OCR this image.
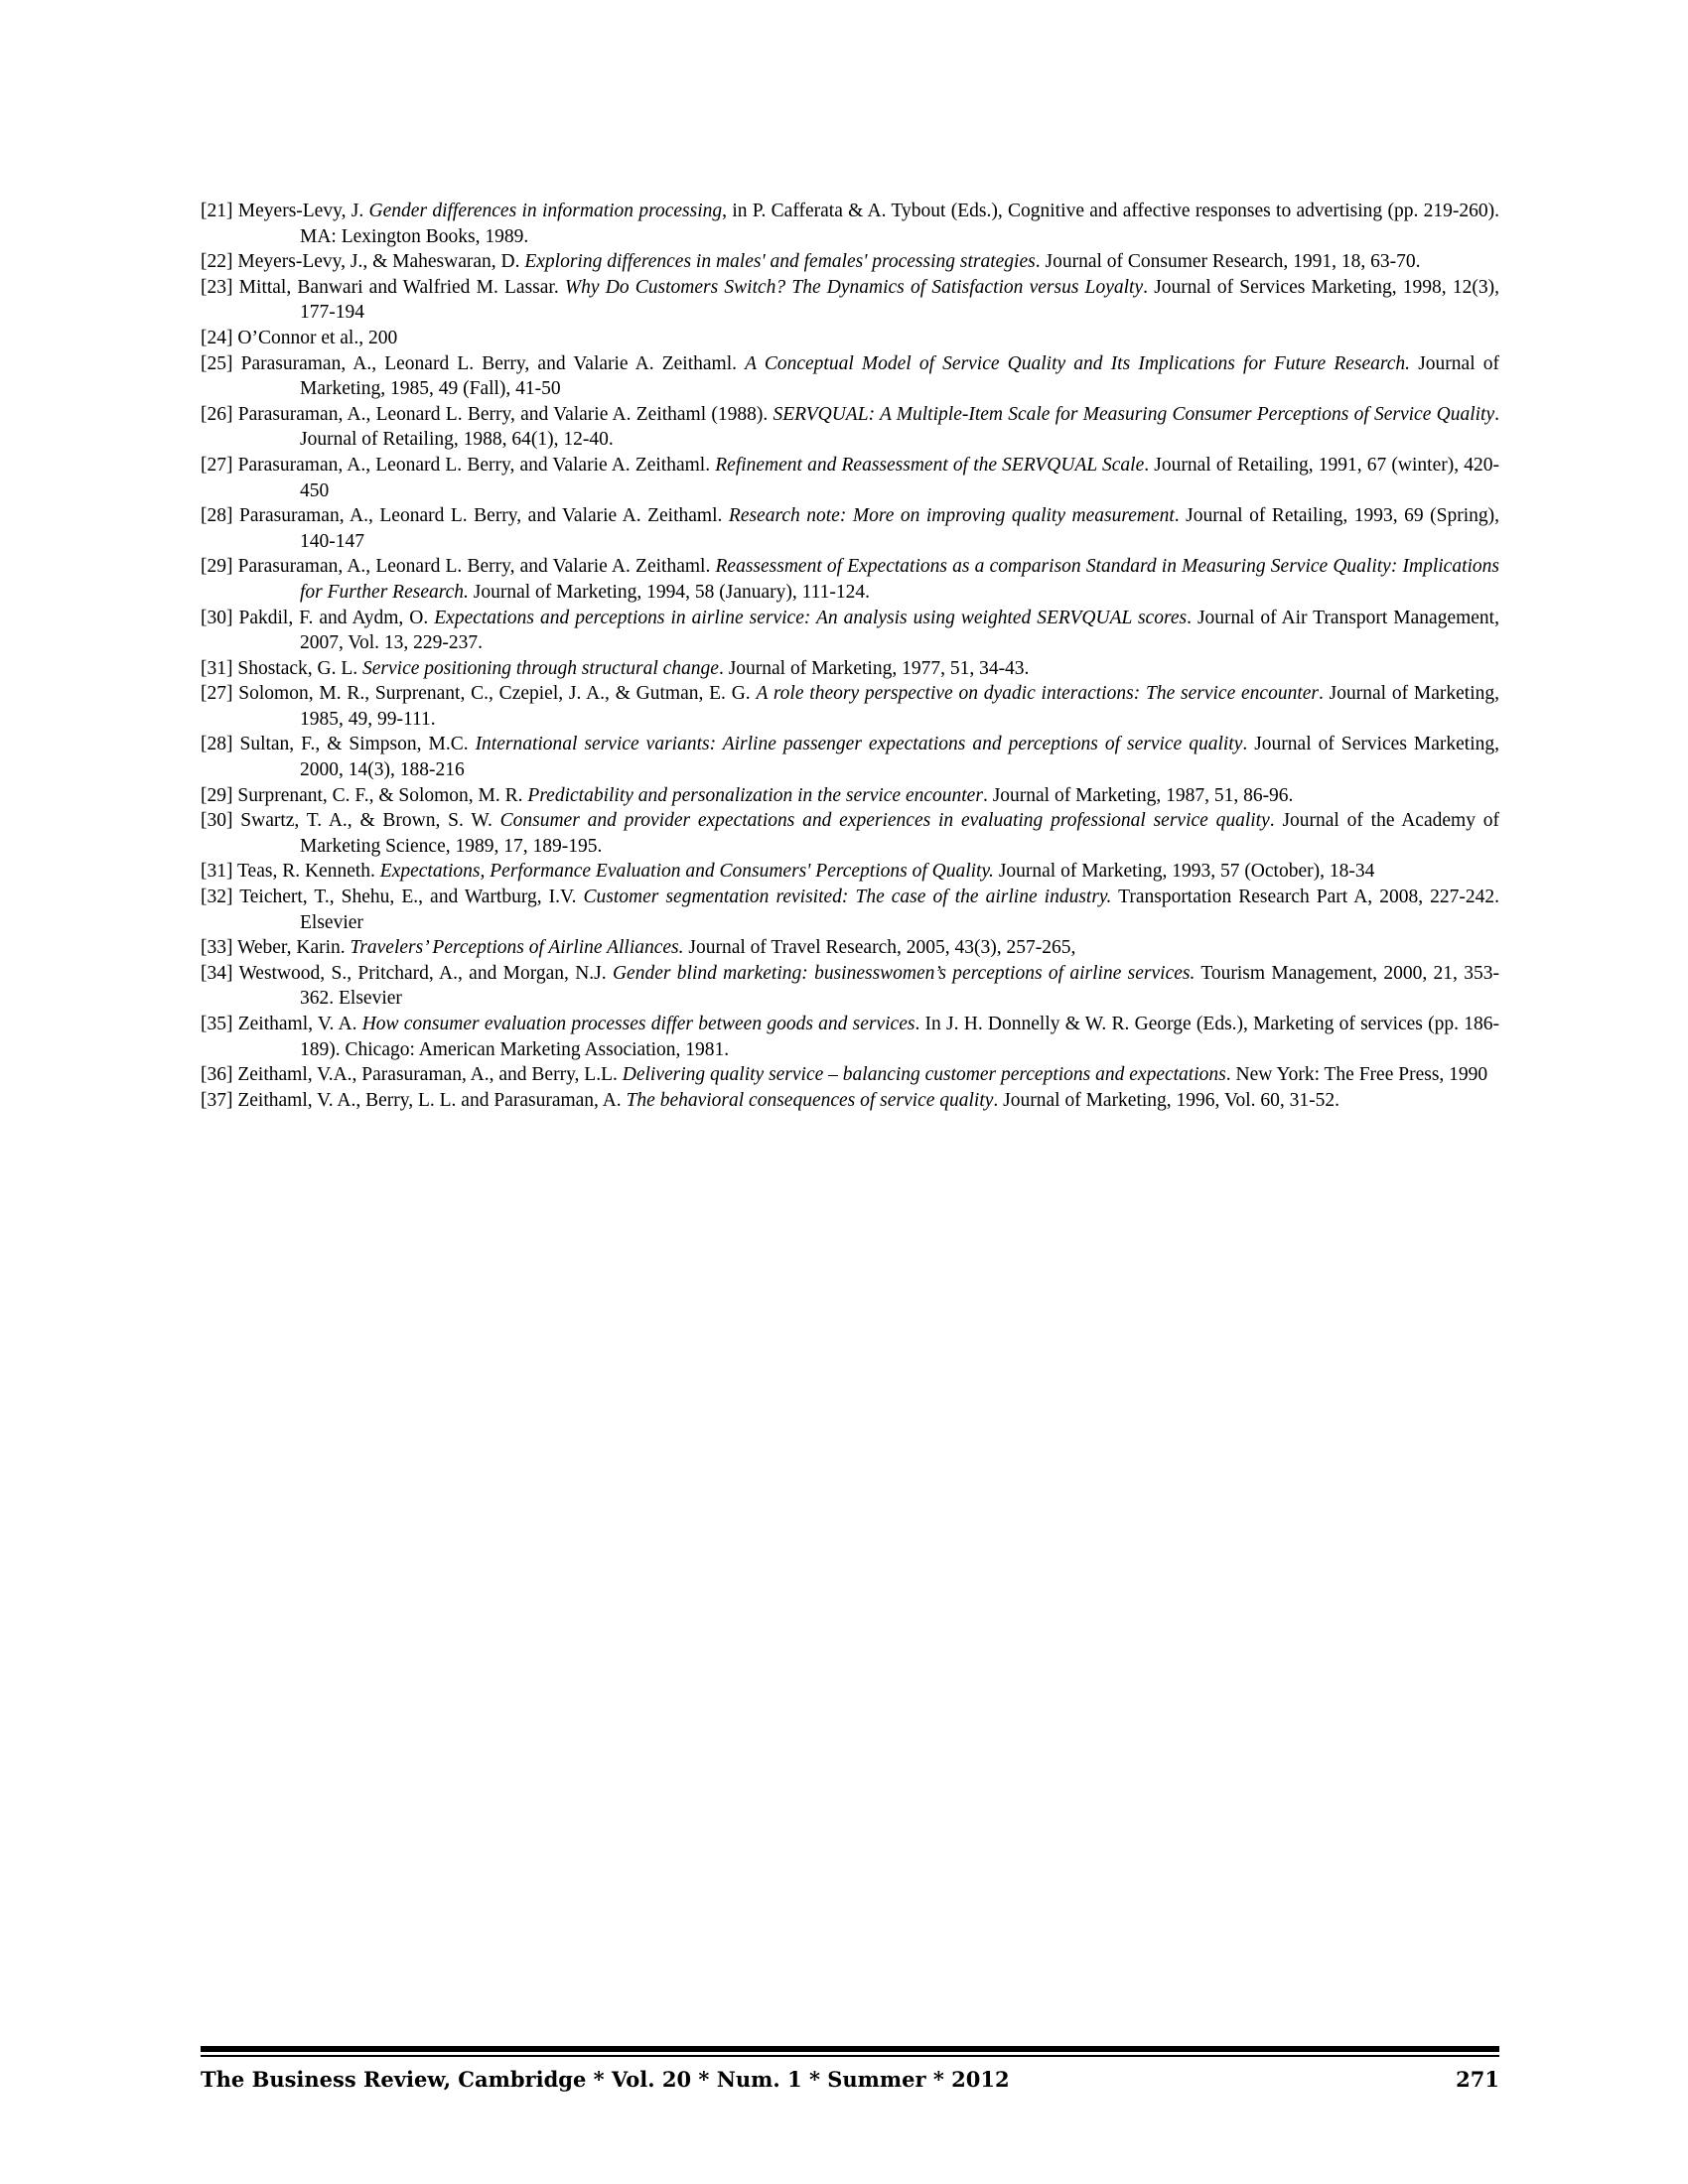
[21] Meyers-Levy, J. Gender differences in information processing, in P. Cafferata & A. Tybout (Eds.), Cognitive and affective responses to advertising (pp. 219-260). MA: Lexington Books, 1989.

[22] Meyers-Levy, J., & Maheswaran, D. Exploring differences in males' and females' processing strategies. Journal of Consumer Research, 1991, 18, 63-70.

[23] Mittal, Banwari and Walfried M. Lassar. Why Do Customers Switch? The Dynamics of Satisfaction versus Loyalty. Journal of Services Marketing, 1998, 12(3), 177-194

[24] O’Connor et al., 200

[25] Parasuraman, A., Leonard L. Berry, and Valarie A. Zeithaml. A Conceptual Model of Service Quality and Its Implications for Future Research. Journal of Marketing, 1985, 49 (Fall), 41-50

[26] Parasuraman, A., Leonard L. Berry, and Valarie A. Zeithaml (1988). SERVQUAL: A Multiple-Item Scale for Measuring Consumer Perceptions of Service Quality. Journal of Retailing, 1988, 64(1), 12-40.

[27] Parasuraman, A., Leonard L. Berry, and Valarie A. Zeithaml. Refinement and Reassessment of the SERVQUAL Scale. Journal of Retailing, 1991, 67 (winter), 420-450

[28] Parasuraman, A., Leonard L. Berry, and Valarie A. Zeithaml. Research note: More on improving quality measurement. Journal of Retailing, 1993, 69 (Spring), 140-147

[29] Parasuraman, A., Leonard L. Berry, and Valarie A. Zeithaml. Reassessment of Expectations as a comparison Standard in Measuring Service Quality: Implications for Further Research. Journal of Marketing, 1994, 58 (January), 111-124.

[30] Pakdil, F. and Aydm, O. Expectations and perceptions in airline service: An analysis using weighted SERVQUAL scores. Journal of Air Transport Management, 2007, Vol. 13, 229-237.

[31] Shostack, G. L. Service positioning through structural change. Journal of Marketing, 1977, 51, 34-43.

[27] Solomon, M. R., Surprenant, C., Czepiel, J. A., & Gutman, E. G. A role theory perspective on dyadic interactions: The service encounter. Journal of Marketing, 1985, 49, 99-111.

[28] Sultan, F., & Simpson, M.C. International service variants: Airline passenger expectations and perceptions of service quality. Journal of Services Marketing, 2000, 14(3), 188-216

[29] Surprenant, C. F., & Solomon, M. R. Predictability and personalization in the service encounter. Journal of Marketing, 1987, 51, 86-96.

[30] Swartz, T. A., & Brown, S. W. Consumer and provider expectations and experiences in evaluating professional service quality. Journal of the Academy of Marketing Science, 1989, 17, 189-195.

[31] Teas, R. Kenneth. Expectations, Performance Evaluation and Consumers' Perceptions of Quality. Journal of Marketing, 1993, 57 (October), 18-34

[32] Teichert, T., Shehu, E., and Wartburg, I.V. Customer segmentation revisited: The case of the airline industry. Transportation Research Part A, 2008, 227-242. Elsevier

[33] Weber, Karin. Travelers’ Perceptions of Airline Alliances. Journal of Travel Research, 2005, 43(3), 257-265,

[34] Westwood, S., Pritchard, A., and Morgan, N.J. Gender blind marketing: businesswomen’s perceptions of airline services. Tourism Management, 2000, 21, 353-362. Elsevier

[35] Zeithaml, V. A. How consumer evaluation processes differ between goods and services. In J. H. Donnelly & W. R. George (Eds.), Marketing of services (pp. 186-189). Chicago: American Marketing Association, 1981.

[36] Zeithaml, V.A., Parasuraman, A., and Berry, L.L. Delivering quality service – balancing customer perceptions and expectations. New York: The Free Press, 1990

[37] Zeithaml, V. A., Berry, L. L. and Parasuraman, A. The behavioral consequences of service quality. Journal of Marketing, 1996, Vol. 60, 31-52.

The Business Review, Cambridge * Vol. 20 * Num. 1 * Summer * 2012	271
